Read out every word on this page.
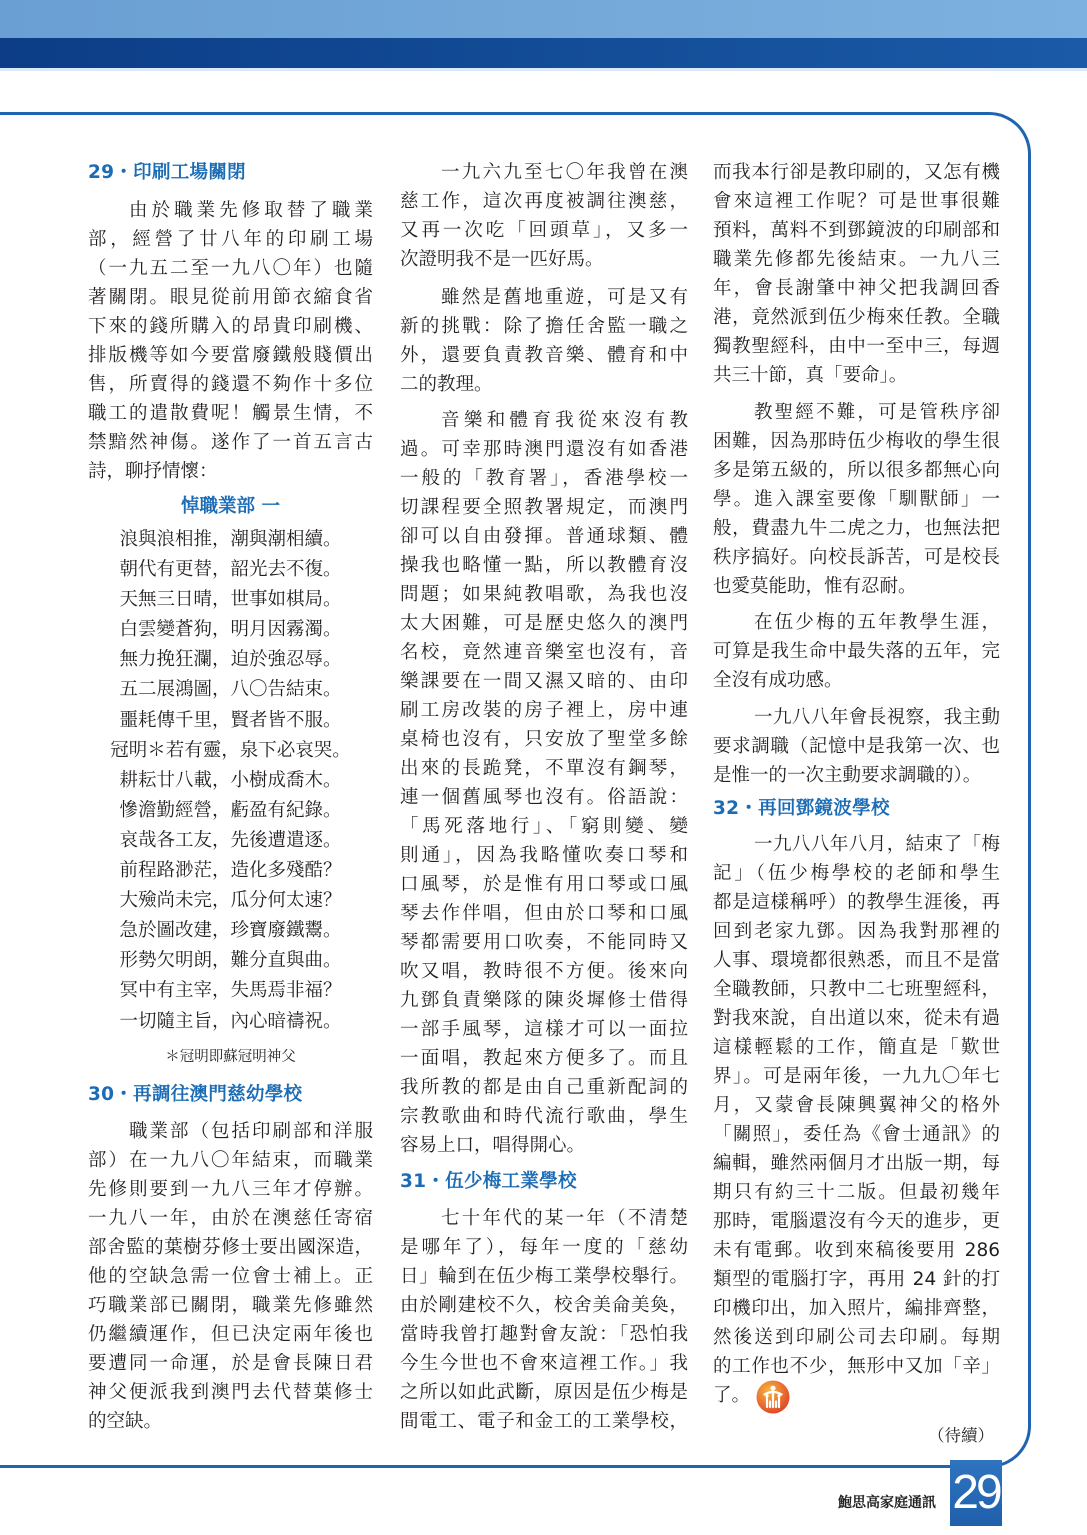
29・印刷工場關閉
由於職業先修取替了職業
部，經營了廿八年的印刷工場
（一九五二至一九八〇年）也隨
著關閉。眼見從前用節衣縮食省
下來的錢所購入的昂貴印刷機、
排版機等如今要當廢鐵般賤價出
售，所賣得的錢還不夠作十多位
職工的遣散費呢！觸景生情，不
禁黯然神傷。遂作了一首五言古
詩，聊抒情懷：
悼職業部 一
浪與浪相推，潮與潮相續。
朝代有更替，韶光去不復。
天無三日晴，世事如棋局。
白雲變蒼狗，明月因霧濁。
無力挽狂瀾，迫於強忍辱。
五二展鴻圖，八〇告結束。
噩耗傳千里，賢者皆不服。
冠明＊若有靈，泉下必哀哭。
耕耘廿八載，小樹成喬木。
慘澹勤經營，虧盈有紀錄。
哀哉各工友，先後遭遣逐。
前程路渺茫，造化多殘酷？
大殮尚未完，瓜分何太速？
急於圖改建，珍寶廢鐵鬻。
形勢欠明朗，難分直與曲。
冥中有主宰，失馬焉非福？
一切隨主旨，內心暗禱祝。
＊冠明即蘇冠明神父
30・再調往澳門慈幼學校
職業部（包括印刷部和洋服
部）在一九八〇年結束，而職業
先修則要到一九八三年才停辦。
一九八一年，由於在澳慈任寄宿
部舍監的葉樹芬修士要出國深造，
他的空缺急需一位會士補上。正
巧職業部已關閉，職業先修雖然
仍繼續運作，但已決定兩年後也
要遭同一命運，於是會長陳日君
神父便派我到澳門去代替葉修士
的空缺。
一九六九至七〇年我曾在澳
慈工作，這次再度被調往澳慈，
又再一次吃「回頭草」，又多一
次證明我不是一匹好馬。
雖然是舊地重遊，可是又有
新的挑戰：除了擔任舍監一職之
外，還要負責教音樂、體育和中
二的教理。
音樂和體育我從來沒有教
過。可幸那時澳門還沒有如香港
一般的「教育署」，香港學校一
切課程要全照教署規定，而澳門
卻可以自由發揮。普通球類、體
操我也略懂一點，所以教體育沒
問題；如果純教唱歌，為我也沒
太大困難，可是歷史悠久的澳門
名校，竟然連音樂室也沒有，音
樂課要在一間又濕又暗的、由印
刷工房改裝的房子裡上，房中連
桌椅也沒有，只安放了聖堂多餘
出來的長跪凳，不單沒有鋼琴，
連一個舊風琴也沒有。俗語說：
「馬死落地行」、「窮則變、變
則通」，因為我略懂吹奏口琴和
口風琴，於是惟有用口琴或口風
琴去作伴唱，但由於口琴和口風
琴都需要用口吹奏，不能同時又
吹又唱，教時很不方便。後來向
九鄧負責樂隊的陳炎墀修士借得
一部手風琴，這樣才可以一面拉
一面唱，教起來方便多了。而且
我所教的都是由自己重新配詞的
宗教歌曲和時代流行歌曲，學生
容易上口，唱得開心。
31・伍少梅工業學校
七十年代的某一年（不清楚
是哪年了），每年一度的「慈幼
日」輪到在伍少梅工業學校舉行。
由於剛建校不久，校舍美侖美奐，
當時我曾打趣對會友說：「恐怕我
今生今世也不會來這裡工作。」我
之所以如此武斷，原因是伍少梅是
間電工、電子和金工的工業學校，
而我本行卻是教印刷的，又怎有機
會來這裡工作呢？可是世事很難
預料，萬料不到鄧鏡波的印刷部和
職業先修都先後結束。一九八三
年，會長謝肇中神父把我調回香
港，竟然派到伍少梅來任教。全職
獨教聖經科，由中一至中三，每週
共三十節，真「要命」。
教聖經不難，可是管秩序卻
困難，因為那時伍少梅收的學生很
多是第五級的，所以很多都無心向
學。進入課室要像「馴獸師」一
般，費盡九牛二虎之力，也無法把
秩序搞好。向校長訴苦，可是校長
也愛莫能助，惟有忍耐。
在伍少梅的五年教學生涯，
可算是我生命中最失落的五年，完
全沒有成功感。
一九八八年會長視察，我主動
要求調職（記憶中是我第一次、也
是惟一的一次主動要求調職的）。
32・再回鄧鏡波學校
一九八八年八月，結束了「梅
記」（伍少梅學校的老師和學生
都是這樣稱呼）的教學生涯後，再
回到老家九鄧。因為我對那裡的
人事、環境都很熟悉，而且不是當
全職教師，只教中二七班聖經科，
對我來說，自出道以來，從未有過
這樣輕鬆的工作，簡直是「歎世
界」。可是兩年後，一九九〇年七
月，又蒙會長陳興翼神父的格外
「關照」，委任為《會士通訊》的
編輯，雖然兩個月才出版一期，每
期只有約三十二版。但最初幾年
那時，電腦還沒有今天的進步，更
未有電郵。收到來稿後要用 286
類型的電腦打字，再用 24 針的打
印機印出，加入照片，編排齊整，
然後送到印刷公司去印刷。每期
的工作也不少，無形中又加「辛」
了。
（待續）
鮑思高家庭通訊 29
